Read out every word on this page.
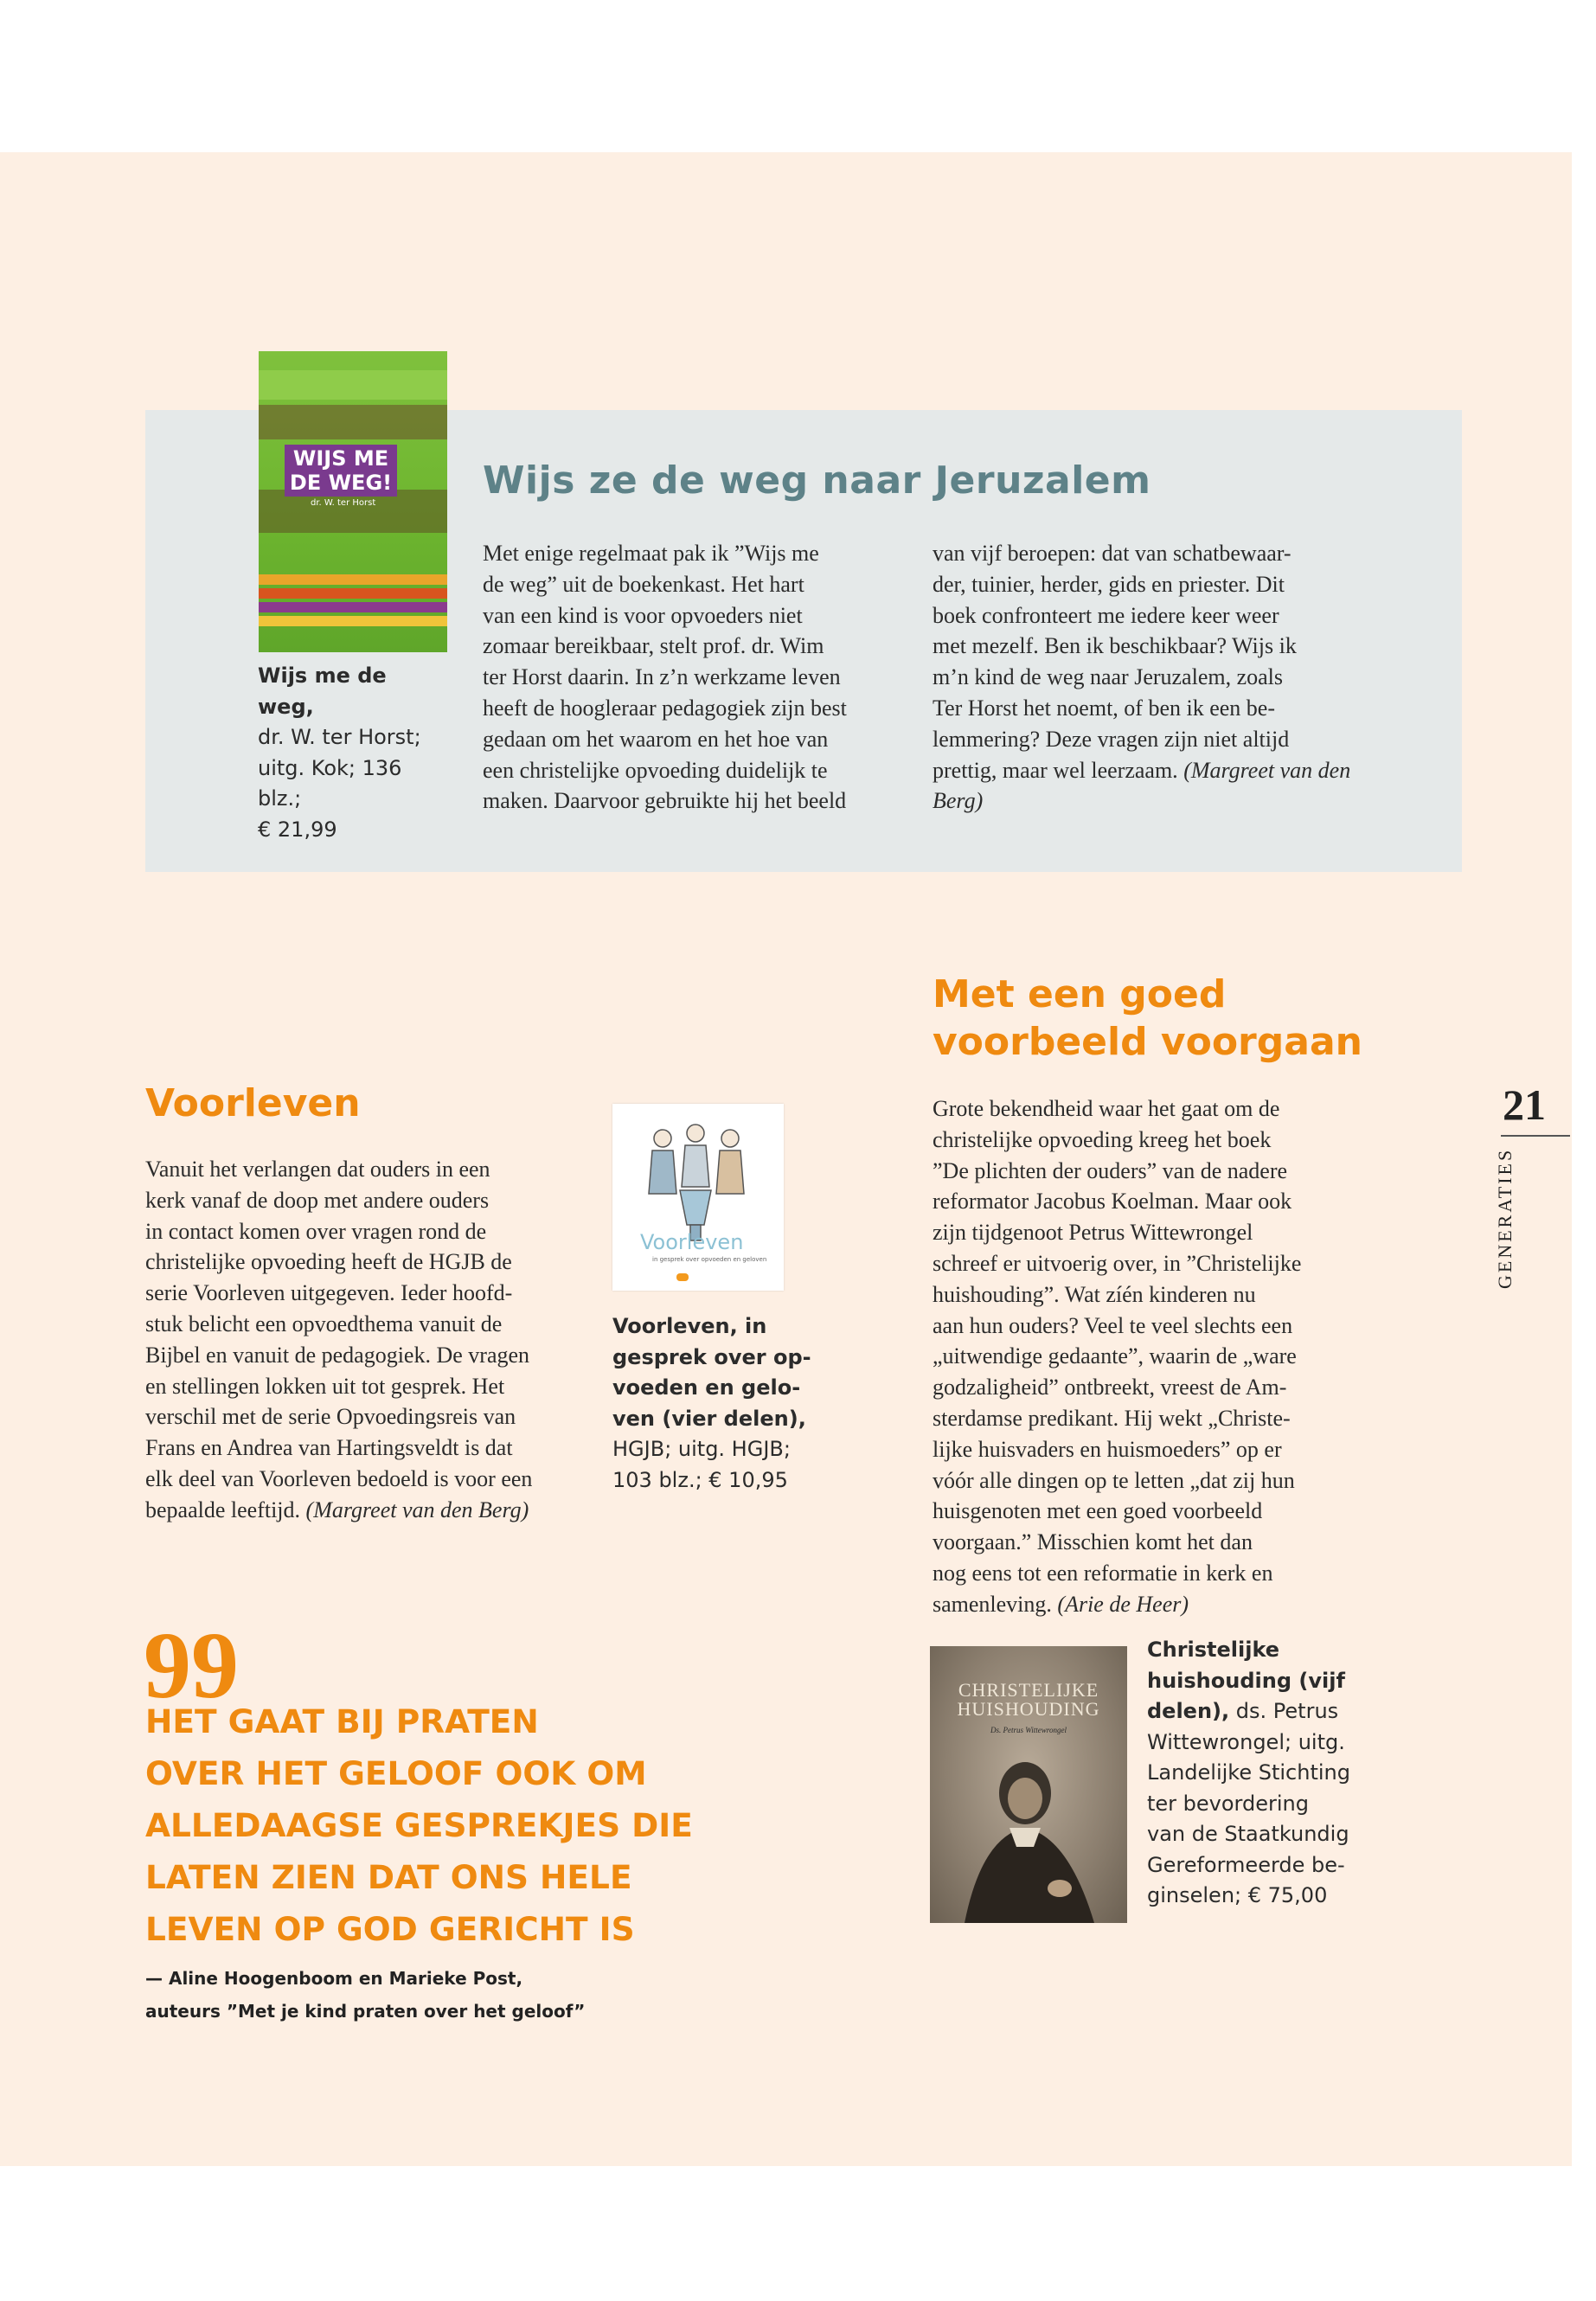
WIJS ME DE WEG!
dr. W. ter Horst
Wijs me de weg,
dr. W. ter Horst;
uitg. Kok; 136 blz.;
€ 21,99
Wijs ze de weg naar Jeruzalem
Met enige regelmaat pak ik ”Wijs me
de weg” uit de boekenkast. Het hart
van een kind is voor opvoeders niet
zomaar bereikbaar, stelt prof. dr. Wim
ter Horst daarin. In z’n werkzame leven
heeft de hoogleraar pedagogiek zijn best
gedaan om het waarom en het hoe van
een christelijke opvoeding duidelijk te
maken. Daarvoor gebruikte hij het beeld
van vijf beroepen: dat van schatbewaar-
der, tuinier, herder, gids en priester. Dit
boek confronteert me iedere keer weer
met mezelf. Ben ik beschikbaar? Wijs ik
m’n kind de weg naar Jeruzalem, zoals
Ter Horst het noemt, of ben ik een be-
lemmering? Deze vragen zijn niet altijd
prettig, maar wel leerzaam. (Margreet van den Berg)
Voorleven
Vanuit het verlangen dat ouders in een
kerk vanaf de doop met andere ouders
in contact komen over vragen rond de
christelijke opvoeding heeft de HGJB de
serie Voorleven uitgegeven. Ieder hoofd-
stuk belicht een opvoedthema vanuit de
Bijbel en vanuit de pedagogiek. De vragen
en stellingen lokken uit tot gesprek. Het
verschil met de serie Opvoedingsreis van
Frans en Andrea van Hartingsveldt is dat
elk deel van Voorleven bedoeld is voor een
bepaalde leeftijd. (Margreet van den Berg)
Voorleven
in gesprek over opvoeden en geloven
Voorleven, in
gesprek over op-
voeden en gelo-
ven (vier delen),
HGJB; uitg. HGJB;
103 blz.; € 10,95
Met een goed
voorbeeld voorgaan
Grote bekendheid waar het gaat om de
christelijke opvoeding kreeg het boek
”De plichten der ouders” van de nadere
reformator Jacobus Koelman. Maar ook
zijn tijdgenoot Petrus Wittewrongel
schreef er uitvoerig over, in ”Christelijke
huishouding”. Wat zíén kinderen nu
aan hun ouders? Veel te veel slechts een
„uitwendige gedaante”, waarin de „ware
godzaligheid” ontbreekt, vreest de Am-
sterdamse predikant. Hij wekt „Christe-
lijke huisvaders en huismoeders” op er
vóór alle dingen op te letten „dat zij hun
huisgenoten met een goed voorbeeld
voorgaan.” Misschien komt het dan
nog eens tot een reformatie in kerk en
samenleving. (Arie de Heer)
CHRISTELIJKE
HUISHOUDING
Ds. Petrus Wittewrongel
Christelijke
huishouding (vijf
delen), ds. Petrus
Wittewrongel; uitg.
Landelijke Stichting
ter bevordering
van de Staatkundig
Gereformeerde be-
ginselen; € 75,00
99
HET GAAT BIJ PRATEN
OVER HET GELOOF OOK OM
ALLEDAAGSE GESPREKJES DIE
LATEN ZIEN DAT ONS HELE
LEVEN OP GOD GERICHT IS
— Aline Hoogenboom en Marieke Post,
auteurs ”Met je kind praten over het geloof”
21
GENERATIES
